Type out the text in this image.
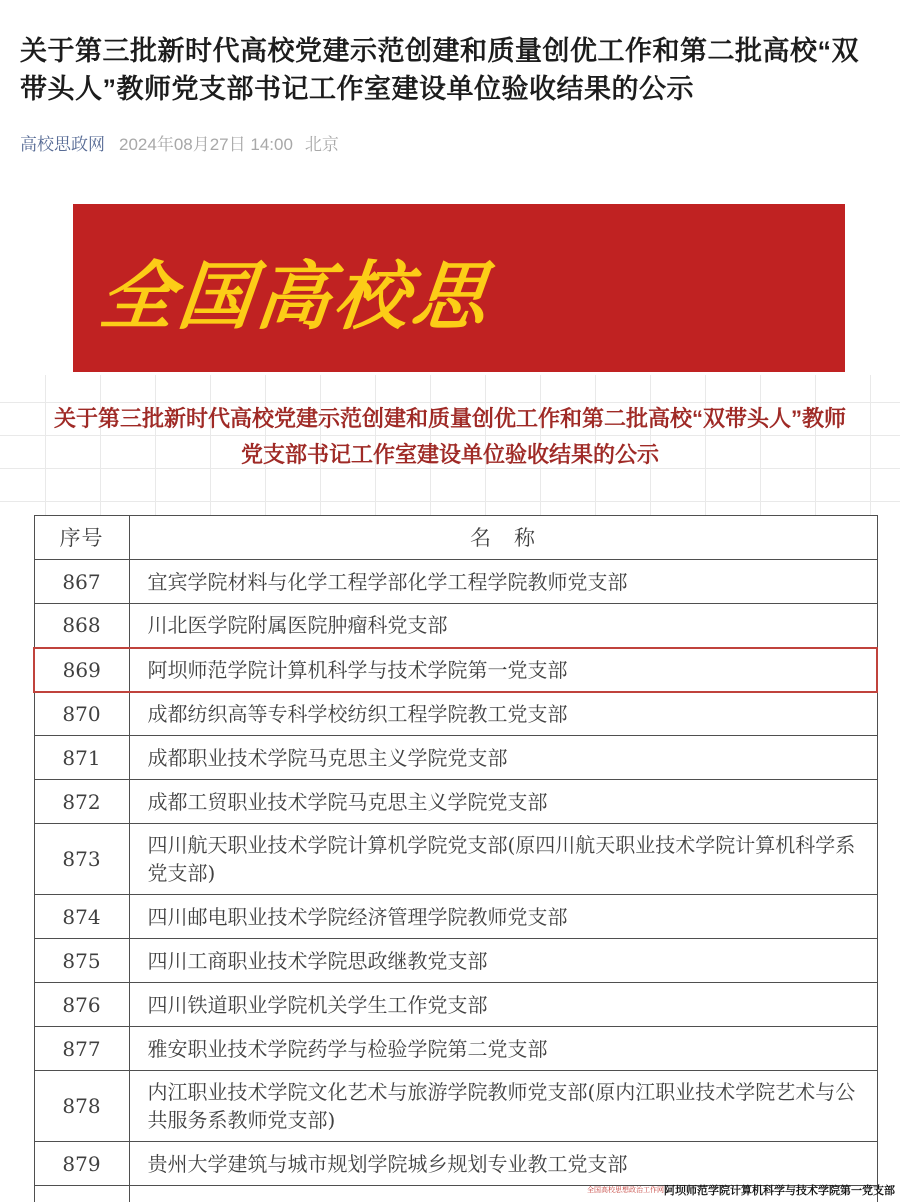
关于第三批新时代高校党建示范创建和质量创优工作和第二批高校“双带头人”教师党支部书记工作室建设单位验收结果的公示
高校思政网 2024年08月27日 14:00 北京
全国高校思
关于第三批新时代高校党建示范创建和质量创优工作和第二批高校“双带头人”教师
党支部书记工作室建设单位验收结果的公示
序号	名　称
867	宜宾学院材料与化学工程学部化学工程学院教师党支部
868	川北医学院附属医院肿瘤科党支部
869	阿坝师范学院计算机科学与技术学院第一党支部
870	成都纺织高等专科学校纺织工程学院教工党支部
871	成都职业技术学院马克思主义学院党支部
872	成都工贸职业技术学院马克思主义学院党支部
873	四川航天职业技术学院计算机学院党支部(原四川航天职业技术学院计算机科学系党支部)
874	四川邮电职业技术学院经济管理学院教师党支部
875	四川工商职业技术学院思政继教党支部
876	四川铁道职业学院机关学生工作党支部
877	雅安职业技术学院药学与检验学院第二党支部
878	内江职业技术学院文化艺术与旅游学院教师党支部(原内江职业技术学院艺术与公共服务系教师党支部)
879	贵州大学建筑与城市规划学院城乡规划专业教工党支部

全国高校思想政治工作网阿坝师范学院计算机科学与技术学院第一党支部
